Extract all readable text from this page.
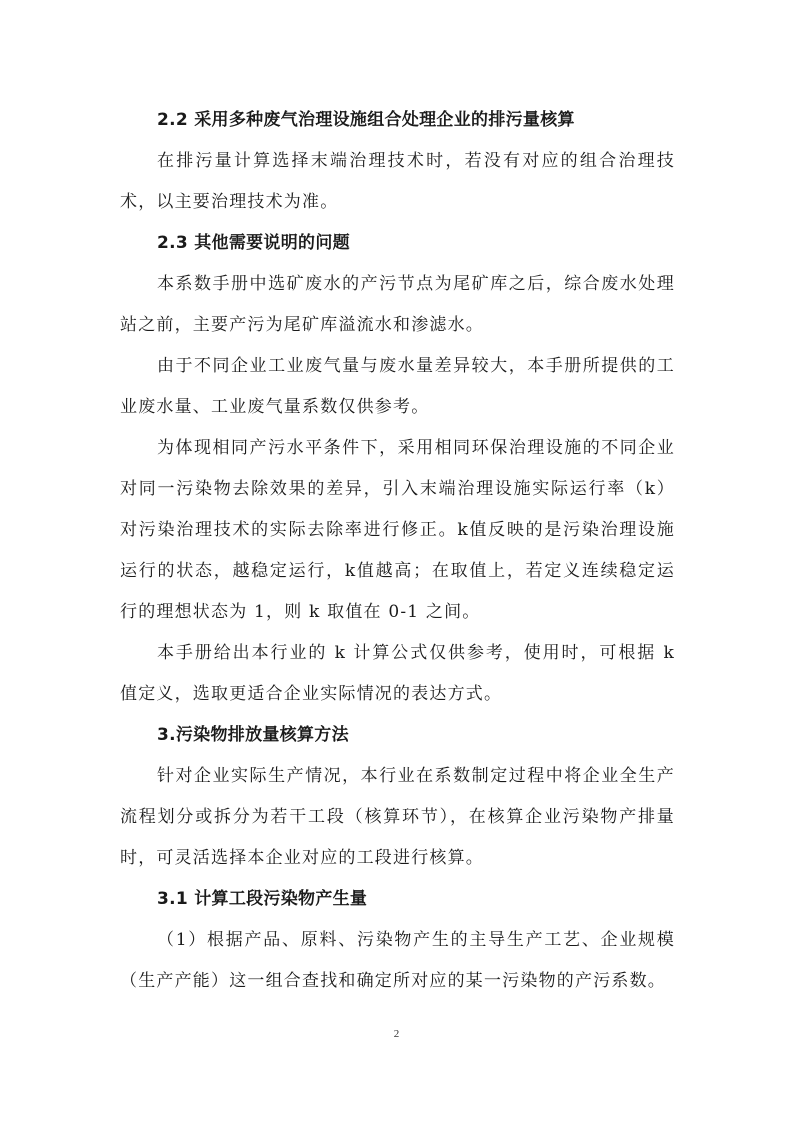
2.2 采用多种废气治理设施组合处理企业的排污量核算

在排污量计算选择末端治理技术时，若没有对应的组合治理技术，以主要治理技术为准。

2.3 其他需要说明的问题

本系数手册中选矿废水的产污节点为尾矿库之后，综合废水处理站之前，主要产污为尾矿库溢流水和渗滤水。

由于不同企业工业废气量与废水量差异较大，本手册所提供的工业废水量、工业废气量系数仅供参考。

为体现相同产污水平条件下，采用相同环保治理设施的不同企业对同一污染物去除效果的差异，引入末端治理设施实际运行率（k）对污染治理技术的实际去除率进行修正。k值反映的是污染治理设施运行的状态，越稳定运行，k值越高；在取值上，若定义连续稳定运行的理想状态为 1，则 k 取值在 0-1 之间。

本手册给出本行业的 k 计算公式仅供参考，使用时，可根据 k 值定义，选取更适合企业实际情况的表达方式。

3.污染物排放量核算方法

针对企业实际生产情况，本行业在系数制定过程中将企业全生产流程划分或拆分为若干工段（核算环节），在核算企业污染物产排量时，可灵活选择本企业对应的工段进行核算。

3.1 计算工段污染物产生量

（1）根据产品、原料、污染物产生的主导生产工艺、企业规模（生产产能）这一组合查找和确定所对应的某一污染物的产污系数。

2
